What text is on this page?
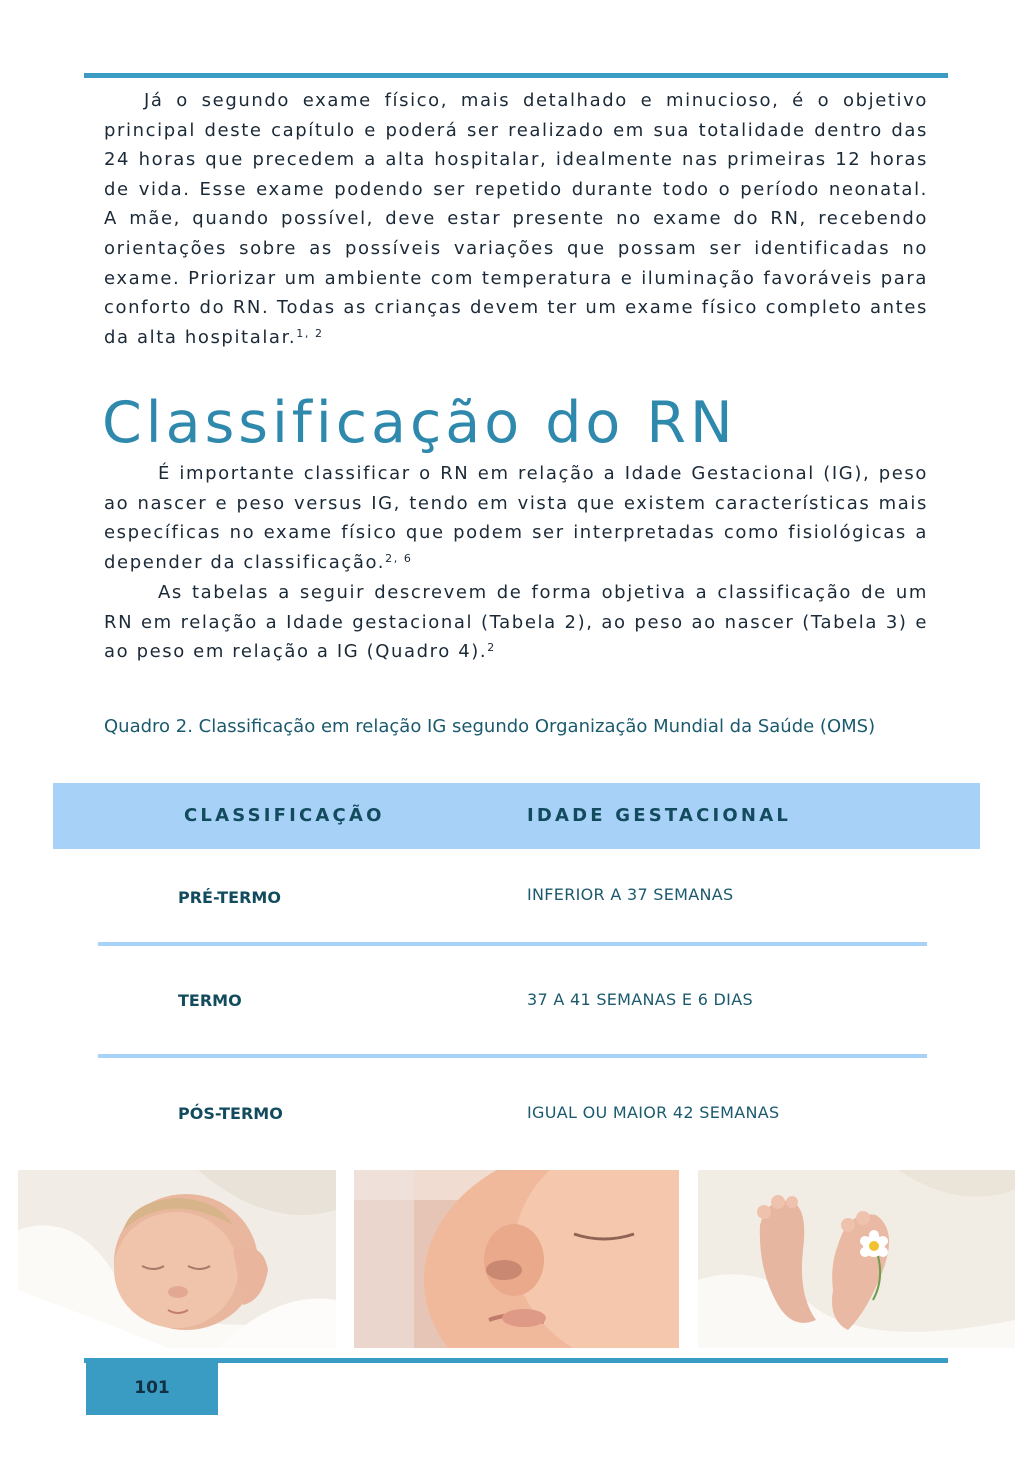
Já o segundo exame físico, mais detalhado e minucioso, é o objetivo principal deste capítulo e poderá ser realizado em sua totalidade dentro das 24 horas que precedem a alta hospitalar, idealmente nas primeiras 12 horas de vida. Esse exame podendo ser repetido durante todo o período neonatal. A mãe, quando possível, deve estar presente no exame do RN, recebendo orientações sobre as possíveis variações que possam ser identificadas no exame. Priorizar um ambiente com temperatura e iluminação favoráveis para conforto do RN. Todas as crianças devem ter um exame físico completo antes da alta hospitalar.$^{1, 2}$

Classificação do RN

É importante classificar o RN em relação a Idade Gestacional (IG), peso ao nascer e peso versus IG, tendo em vista que existem características mais específicas no exame físico que podem ser interpretadas como fisiológicas a depender da classificação.$^{2, 6}$

As tabelas a seguir descrevem de forma objetiva a classificação de um RN em relação a Idade gestacional (Tabela 2), ao peso ao nascer (Tabela 3) e ao peso em relação a IG (Quadro 4).$^2$

Quadro 2. Classificação em relação IG segundo Organização Mundial da Saúde (OMS)

CLASSIFICAÇÃO	IDADE GESTACIONAL
PRÉ-TERMO	INFERIOR A 37 SEMANAS
TERMO	37 A 41 SEMANAS E 6 DIAS
PÓS-TERMO	IGUAL OU MAIOR 42 SEMANAS
101
